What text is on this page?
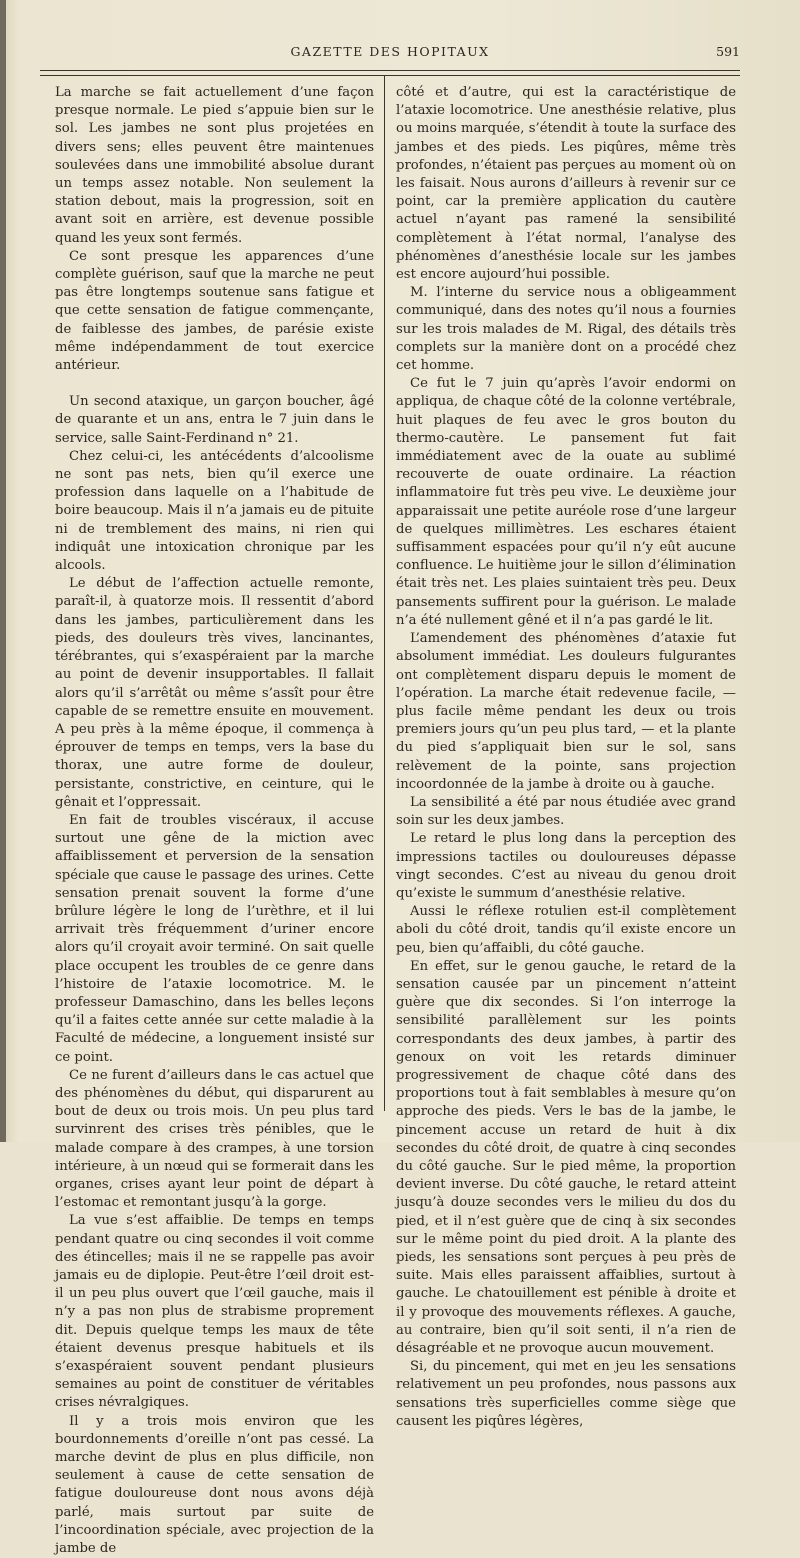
GAZETTE DES HOPITAUX	591

La marche se fait actuellement d’une façon presque normale. Le pied s’appuie bien sur le sol. Les jambes ne sont plus projetées en divers sens; elles peuvent être maintenues soulevées dans une immobilité absolue durant un temps assez notable. Non seulement la station debout, mais la progression, soit en avant soit en arrière, est devenue possible quand les yeux sont fermés.

Ce sont presque les apparences d’une complète guérison, sauf que la marche ne peut pas être longtemps soutenue sans fatigue et que cette sensation de fatigue commençante, de faiblesse des jambes, de parésie existe même indépendamment de tout exercice antérieur.

Un second ataxique, un garçon boucher, âgé de quarante et un ans, entra le 7 juin dans le service, salle Saint-Ferdinand n° 21.

Chez celui-ci, les antécédents d’alcoolisme ne sont pas nets, bien qu’il exerce une profession dans laquelle on a l’habitude de boire beaucoup. Mais il n’a jamais eu de pituite ni de tremblement des mains, ni rien qui indiquât une intoxication chronique par les alcools.

Le début de l’affection actuelle remonte, paraît-il, à quatorze mois. Il ressentit d’abord dans les jambes, particulièrement dans les pieds, des douleurs très vives, lancinantes, térébrantes, qui s’exaspéraient par la marche au point de devenir insupportables. Il fallait alors qu’il s’arrêtât ou même s’assît pour être capable de se remettre ensuite en mouvement. A peu près à la même époque, il commença à éprouver de temps en temps, vers la base du thorax, une autre forme de douleur, persistante, constrictive, en ceinture, qui le gênait et l’oppressait.

En fait de troubles viscéraux, il accuse surtout une gêne de la miction avec affaiblissement et perversion de la sensation spéciale que cause le passage des urines. Cette sensation prenait souvent la forme d’une brûlure légère le long de l’urèthre, et il lui arrivait très fréquemment d’uriner encore alors qu’il croyait avoir terminé. On sait quelle place occupent les troubles de ce genre dans l’histoire de l’ataxie locomotrice. M. le professeur Damaschino, dans les belles leçons qu’il a faites cette année sur cette maladie à la Faculté de médecine, a longuement insisté sur ce point.

Ce ne furent d’ailleurs dans le cas actuel que des phénomènes du début, qui disparurent au bout de deux ou trois mois. Un peu plus tard survinrent des crises très pénibles, que le malade compare à des crampes, à une torsion intérieure, à un nœud qui se formerait dans les organes, crises ayant leur point de départ à l’estomac et remontant jusqu’à la gorge.

La vue s’est affaiblie. De temps en temps pendant quatre ou cinq secondes il voit comme des étincelles; mais il ne se rappelle pas avoir jamais eu de diplopie. Peut-être l’œil droit est-il un peu plus ouvert que l’œil gauche, mais il n’y a pas non plus de strabisme proprement dit. Depuis quelque temps les maux de tête étaient devenus presque habituels et ils s’exaspéraient souvent pendant plusieurs semaines au point de constituer de véritables crises névralgiques.

Il y a trois mois environ que les bourdonnements d’oreille n’ont pas cessé. La marche devint de plus en plus difficile, non seulement à cause de cette sensation de fatigue douloureuse dont nous avons déjà parlé, mais surtout par suite de l’incoordination spéciale, avec projection de la jambe de

côté et d’autre, qui est la caractéristique de l’ataxie locomotrice. Une anesthésie relative, plus ou moins marquée, s’étendit à toute la surface des jambes et des pieds. Les piqûres, même très profondes, n’étaient pas perçues au moment où on les faisait. Nous aurons d’ailleurs à revenir sur ce point, car la première application du cautère actuel n’ayant pas ramené la sensibilité complètement à l’état normal, l’analyse des phénomènes d’anesthésie locale sur les jambes est encore aujourd’hui possible.

M. l’interne du service nous a obligeamment communiqué, dans des notes qu’il nous a fournies sur les trois malades de M. Rigal, des détails très complets sur la manière dont on a procédé chez cet homme.

Ce fut le 7 juin qu’après l’avoir endormi on appliqua, de chaque côté de la colonne vertébrale, huit plaques de feu avec le gros bouton du thermo-cautère. Le pansement fut fait immédiatement avec de la ouate au sublimé recouverte de ouate ordinaire. La réaction inflammatoire fut très peu vive. Le deuxième jour apparaissait une petite auréole rose d’une largeur de quelques millimètres. Les eschares étaient suffisamment espacées pour qu’il n’y eût aucune confluence. Le huitième jour le sillon d’élimination était très net. Les plaies suintaient très peu. Deux pansements suffirent pour la guérison. Le malade n’a été nullement gêné et il n’a pas gardé le lit.

L’amendement des phénomènes d’ataxie fut absolument immédiat. Les douleurs fulgurantes ont complètement disparu depuis le moment de l’opération. La marche était redevenue facile, — plus facile même pendant les deux ou trois premiers jours qu’un peu plus tard, — et la plante du pied s’appliquait bien sur le sol, sans relèvement de la pointe, sans projection incoordonnée de la jambe à droite ou à gauche.

La sensibilité a été par nous étudiée avec grand soin sur les deux jambes.

Le retard le plus long dans la perception des impressions tactiles ou douloureuses dépasse vingt secondes. C’est au niveau du genou droit qu’existe le summum d’anesthésie relative.

Aussi le réflexe rotulien est-il complètement aboli du côté droit, tandis qu’il existe encore un peu, bien qu’affaibli, du côté gauche.

En effet, sur le genou gauche, le retard de la sensation causée par un pincement n’atteint guère que dix secondes. Si l’on interroge la sensibilité parallèlement sur les points correspondants des deux jambes, à partir des genoux on voit les retards diminuer progressivement de chaque côté dans des proportions tout à fait semblables à mesure qu’on approche des pieds. Vers le bas de la jambe, le pincement accuse un retard de huit à dix secondes du côté droit, de quatre à cinq secondes du côté gauche. Sur le pied même, la proportion devient inverse. Du côté gauche, le retard atteint jusqu’à douze secondes vers le milieu du dos du pied, et il n’est guère que de cinq à six secondes sur le même point du pied droit. A la plante des pieds, les sensations sont perçues à peu près de suite. Mais elles paraissent affaiblies, surtout à gauche. Le chatouillement est pénible à droite et il y provoque des mouvements réflexes. A gauche, au contraire, bien qu’il soit senti, il n’a rien de désagréable et ne provoque aucun mouvement.

Si, du pincement, qui met en jeu les sensations relativement un peu profondes, nous passons aux sensations très superficielles comme siège que causent les piqûres légères,
